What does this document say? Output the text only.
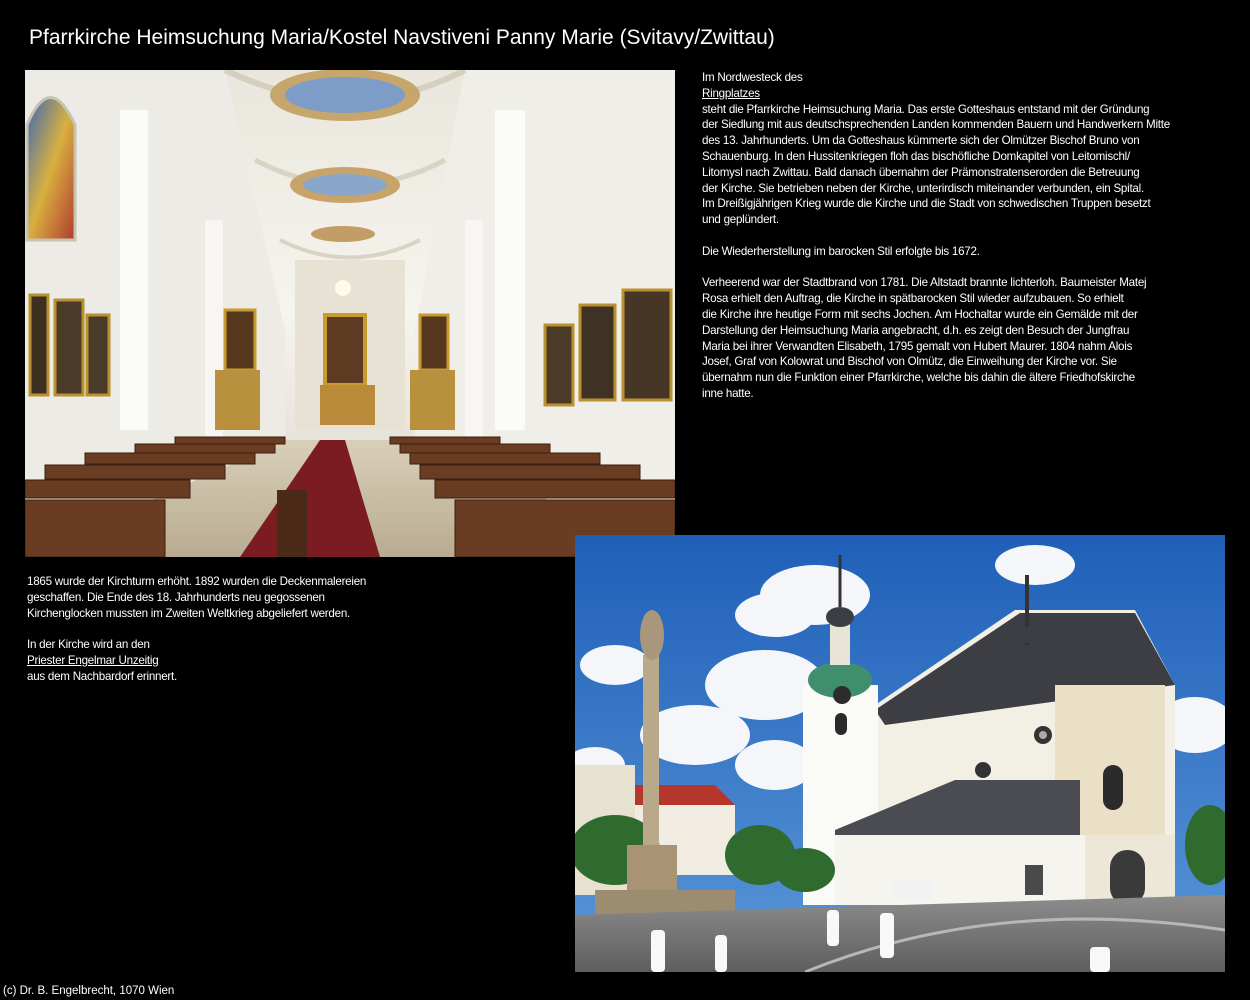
Pfarrkirche Heimsuchung Maria/Kostel Navstiveni Panny Marie (Svitavy/Zwittau)

Im Nordwesteck des
Ringplatzes
steht die Pfarrkirche Heimsuchung Maria. Das erste Gotteshaus entstand mit der Gründung
der Siedlung mit aus deutschsprechenden Landen kommenden Bauern und Handwerkern Mitte
des 13. Jahrhunderts. Um da Gotteshaus kümmerte sich der Olmützer Bischof Bruno von
Schauenburg. In den Hussitenkriegen floh das bischöfliche Domkapitel von Leitomischl/
Litomysl nach Zwittau. Bald danach übernahm der Prämonstratenserorden die Betreuung
der Kirche. Sie betrieben neben der Kirche, unterirdisch miteinander verbunden, ein Spital.
Im Dreißigjährigen Krieg wurde die Kirche und die Stadt von schwedischen Truppen besetzt
und geplündert.

Die Wiederherstellung im barocken Stil erfolgte bis 1672.

Verheerend war der Stadtbrand von 1781. Die Altstadt brannte lichterloh. Baumeister Matej
Rosa erhielt den Auftrag, die Kirche in spätbarocken Stil wieder aufzubauen. So erhielt
die Kirche ihre heutige Form mit sechs Jochen. Am Hochaltar wurde ein Gemälde mit der
Darstellung der Heimsuchung Maria angebracht, d.h. es zeigt den Besuch der Jungfrau
Maria bei ihrer Verwandten Elisabeth, 1795 gemalt von Hubert Maurer. 1804 nahm Alois
Josef, Graf von Kolowrat und Bischof von Olmütz, die Einweihung der Kirche vor. Sie
übernahm nun die Funktion einer Pfarrkirche, welche bis dahin die ältere Friedhofskirche
inne hatte.

1865 wurde der Kirchturm erhöht. 1892 wurden die Deckenmalereien
geschaffen. Die Ende des 18. Jahrhunderts neu gegossenen
Kirchenglocken mussten im Zweiten Weltkrieg abgeliefert werden.

In der Kirche wird an den
Priester Engelmar Unzeitig
aus dem Nachbardorf erinnert.

(c) Dr. B. Engelbrecht, 1070 Wien
